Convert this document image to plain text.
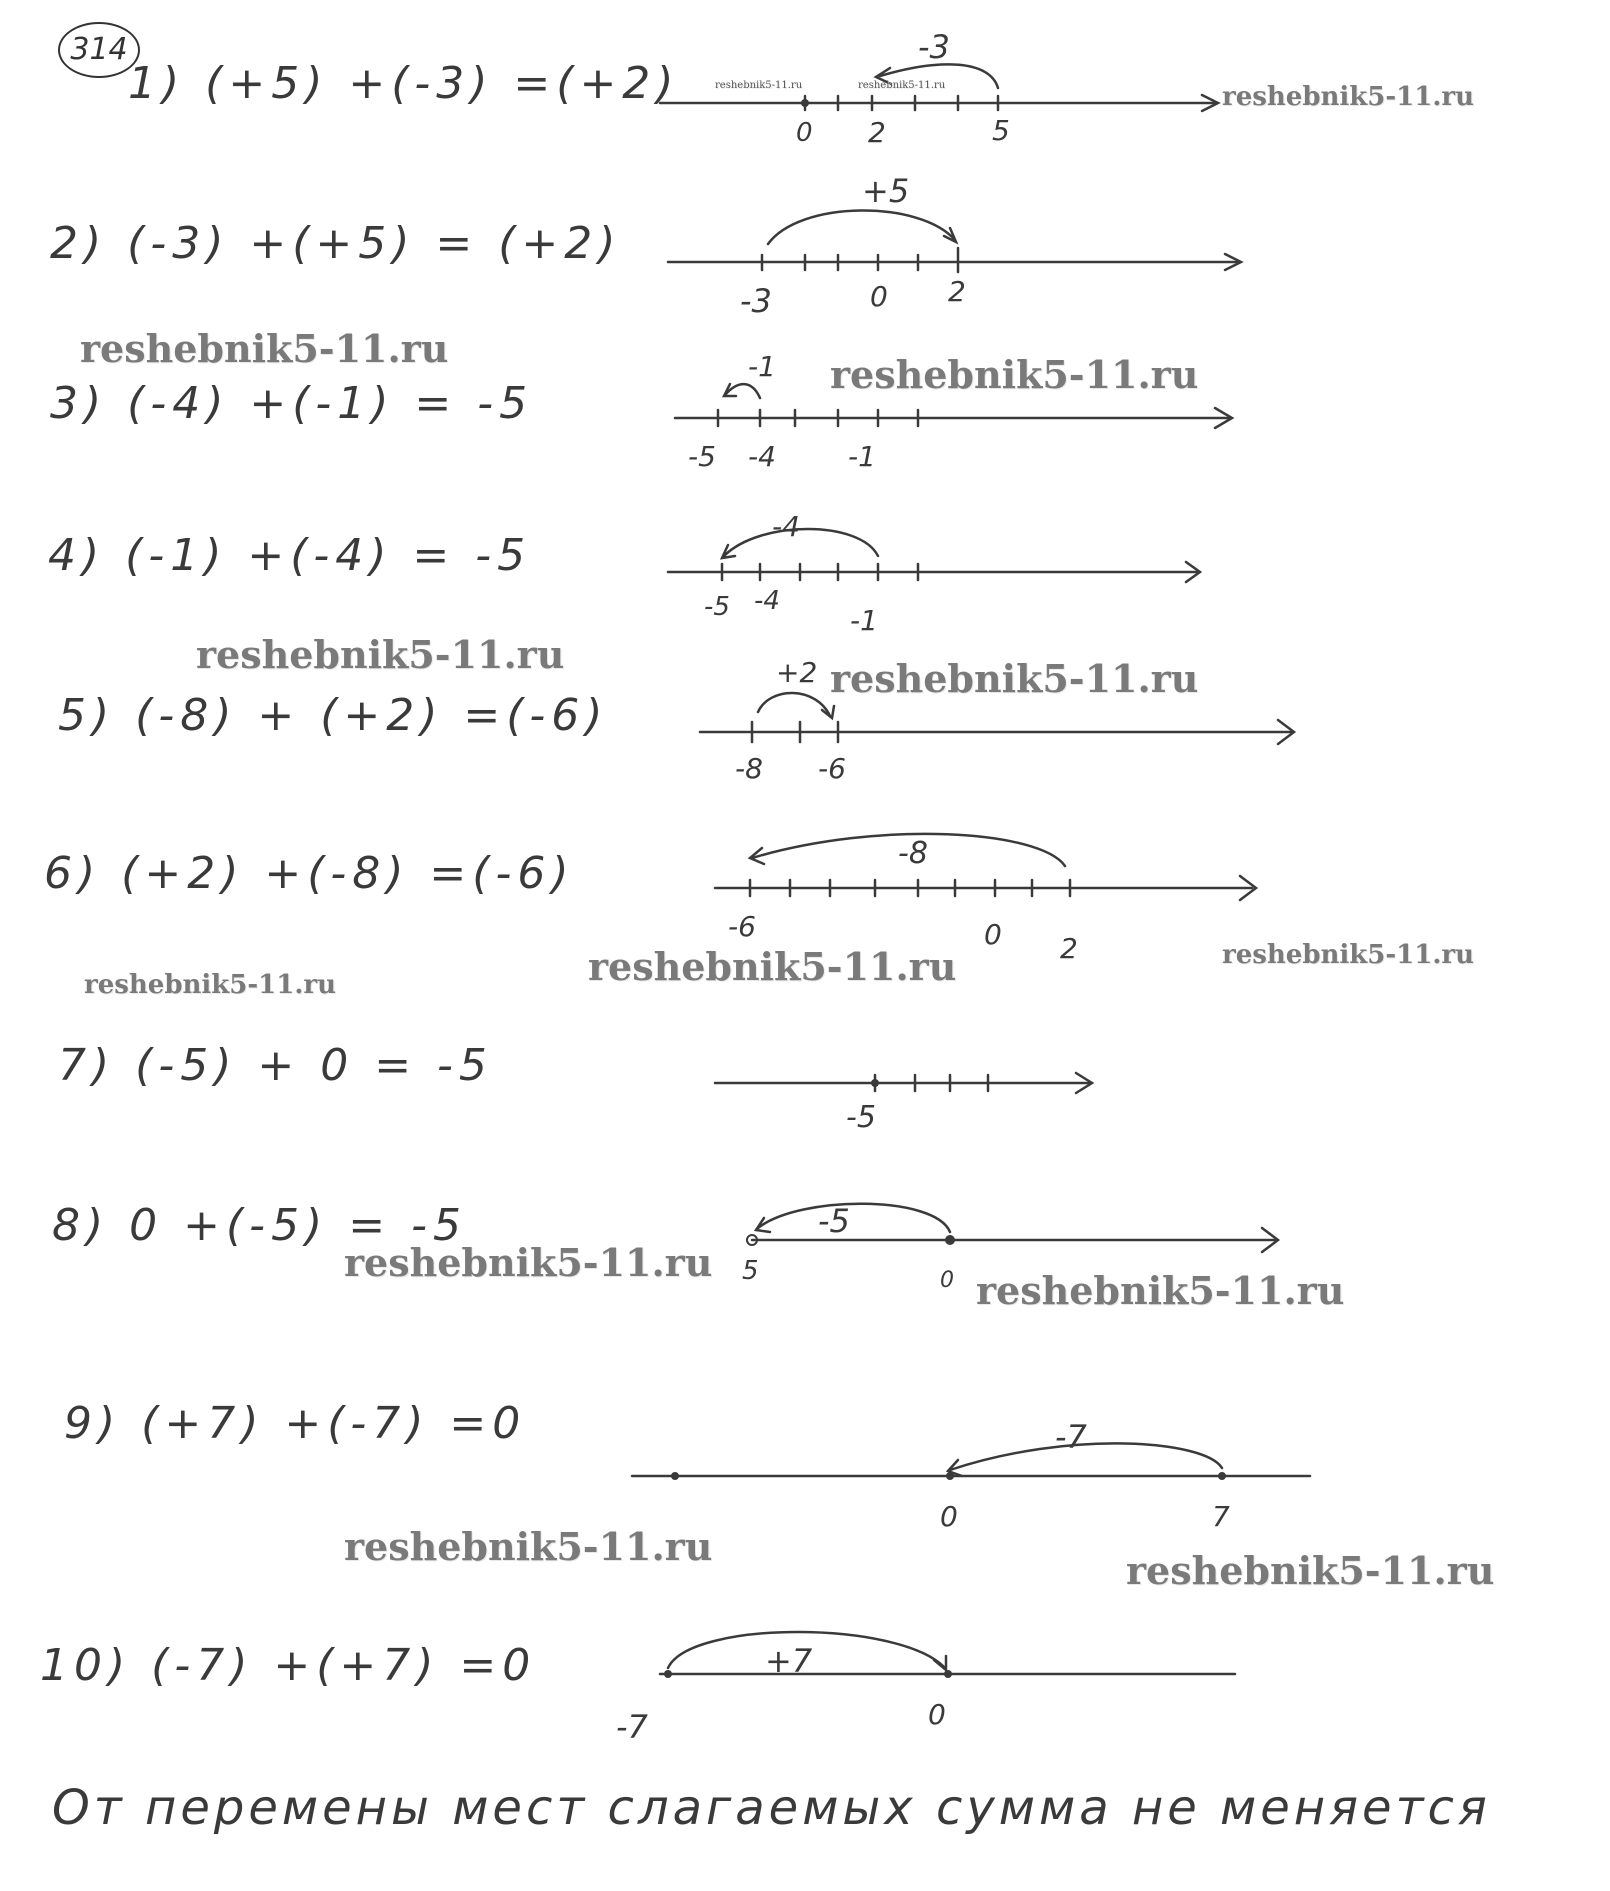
314
1) (+5) +(-3) =(+2)
2) (-3) +(+5) = (+2)
3) (-4) +(-1) = -5
4) (-1) +(-4) = -5
5) (-8) + (+2) =(-6)
6) (+2) +(-8) =(-6)
7) (-5) + 0 = -5
8) 0 +(-5) = -5
9) (+7) +(-7) =0
10) (-7) +(+7) =0
-3
+5
-1
-4
+2
-8
-5
-7
+7
0 2	5
-3	0 2
-5 -4	-1
-5 -4
-1
-8 -6
-6	0 2
-5
5	0
0	7
-7	0
От перемены мест слагаемых сумма не меняется
reshebnik5-11.ru
reshebnik5-11.ru	reshebnik5-11.ru
reshebnik5-11.ru
reshebnik5-11.ru
reshebnik5-11.ru
reshebnik5-11.ru
reshebnik5-11.ru	reshebnik5-11.ru
reshebnik5-11.ru
reshebnik5-11.ru
reshebnik5-11.ru
reshebnik5-11.ru
reshebnik5-11.ru
